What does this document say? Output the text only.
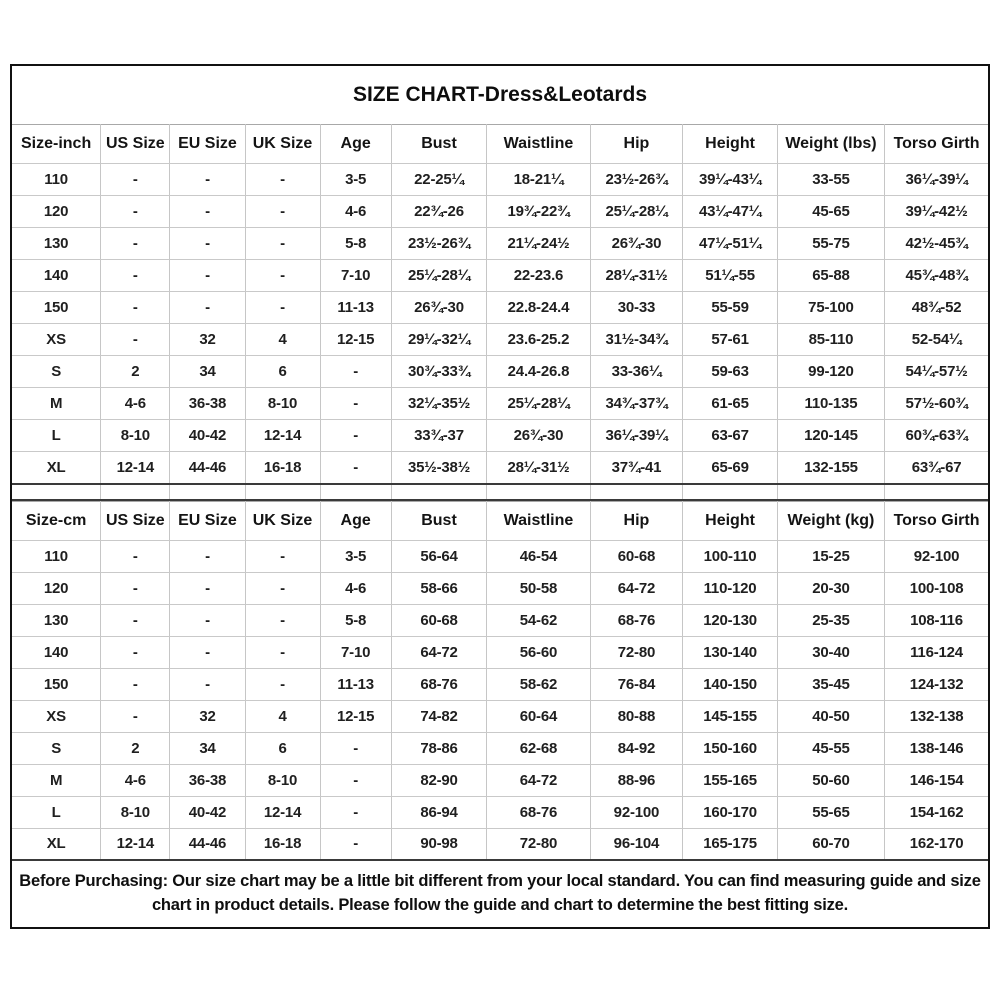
SIZE CHART-Dress&Leotards
Size-inch	US Size	EU Size	UK Size	Age	Bust	Waistline	Hip	Height	Weight (lbs)	Torso Girth
110	-	-	-	3-5	22-25¼	18-21¼	23½-26¾	39¼-43¼	33-55	36¼-39¼
120	-	-	-	4-6	22¾-26	19¾-22¾	25¼-28¼	43¼-47¼	45-65	39¼-42½
130	-	-	-	5-8	23½-26¾	21¼-24½	26¾-30	47¼-51¼	55-75	42½-45¾
140	-	-	-	7-10	25¼-28¼	22-23.6	28¼-31½	51¼-55	65-88	45¾-48¾
150	-	-	-	11-13	26¾-30	22.8-24.4	30-33	55-59	75-100	48¾-52
XS	-	32	4	12-15	29¼-32¼	23.6-25.2	31½-34¾	57-61	85-110	52-54¼
S	2	34	6	-	30¾-33¾	24.4-26.8	33-36¼	59-63	99-120	54¼-57½
M	4-6	36-38	8-10	-	32¼-35½	25¼-28¼	34¾-37¾	61-65	110-135	57½-60¾
L	8-10	40-42	12-14	-	33¾-37	26¾-30	36¼-39¼	63-67	120-145	60¾-63¾
XL	12-14	44-46	16-18	-	35½-38½	28¼-31½	37¾-41	65-69	132-155	63¾-67

Size-cm	US Size	EU Size	UK Size	Age	Bust	Waistline	Hip	Height	Weight (kg)	Torso Girth
110	-	-	-	3-5	56-64	46-54	60-68	100-110	15-25	92-100
120	-	-	-	4-6	58-66	50-58	64-72	110-120	20-30	100-108
130	-	-	-	5-8	60-68	54-62	68-76	120-130	25-35	108-116
140	-	-	-	7-10	64-72	56-60	72-80	130-140	30-40	116-124
150	-	-	-	11-13	68-76	58-62	76-84	140-150	35-45	124-132
XS	-	32	4	12-15	74-82	60-64	80-88	145-155	40-50	132-138
S	2	34	6	-	78-86	62-68	84-92	150-160	45-55	138-146
M	4-6	36-38	8-10	-	82-90	64-72	88-96	155-165	50-60	146-154
L	8-10	40-42	12-14	-	86-94	68-76	92-100	160-170	55-65	154-162
XL	12-14	44-46	16-18	-	90-98	72-80	96-104	165-175	60-70	162-170

Before Purchasing: Our size chart may be a little bit different from your local standard. You can find measuring guide and size chart in product details. Please follow the guide and chart to determine the best fitting size.
